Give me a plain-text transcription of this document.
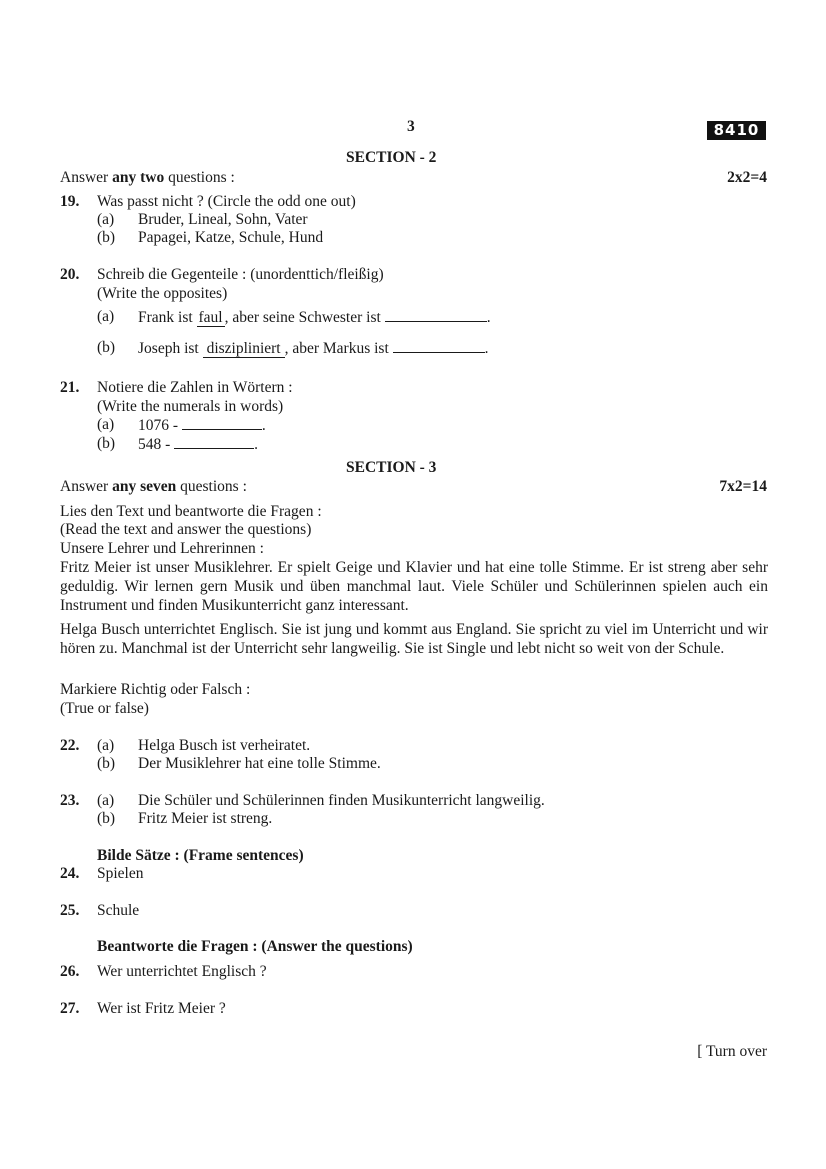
3	8410
SECTION - 2
Answer any two questions :	2x2=4
19. Was passt nicht ? (Circle the odd one out)
(a) Bruder, Lineal, Sohn, Vater
(b) Papagei, Katze, Schule, Hund
20. Schreib die Gegenteile : (unordenttich/fleißig)
(Write the opposites)
(a) Frank ist faul , aber seine Schwester ist	.
(b) Joseph ist diszipliniert , aber Markus ist	.
21. Notiere die Zahlen in Wörtern :
(Write the numerals in words)
(a) 1076 -	.
(b) 548 -	.
SECTION - 3
Answer any seven questions :	7x2=14
Lies den Text und beantworte die Fragen :
(Read the text and answer the questions)
Unsere Lehrer und Lehrerinnen :
Fritz Meier ist unser Musiklehrer. Er spielt Geige und Klavier und hat eine tolle Stimme. Er ist streng aber sehr geduldig. Wir lernen gern Musik und üben manchmal laut. Viele Schüler und Schülerinnen spielen auch ein Instrument und finden Musikunterricht ganz interessant.
Helga Busch unterrichtet Englisch. Sie ist jung und kommt aus England. Sie spricht zu viel im Unterricht und wir hören zu. Manchmal ist der Unterricht sehr langweilig. Sie ist Single und lebt nicht so weit von der Schule.
Markiere Richtig oder Falsch :
(True or false)
22. (a) Helga Busch ist verheiratet.
(b) Der Musiklehrer hat eine tolle Stimme.
23. (a) Die Schüler und Schülerinnen finden Musikunterricht langweilig.
(b) Fritz Meier ist streng.
Bilde Sätze : (Frame sentences)
24. Spielen
25. Schule
Beantworte die Fragen : (Answer the questions)
26. Wer unterrichtet Englisch ?
27. Wer ist Fritz Meier ?
[ Turn over
